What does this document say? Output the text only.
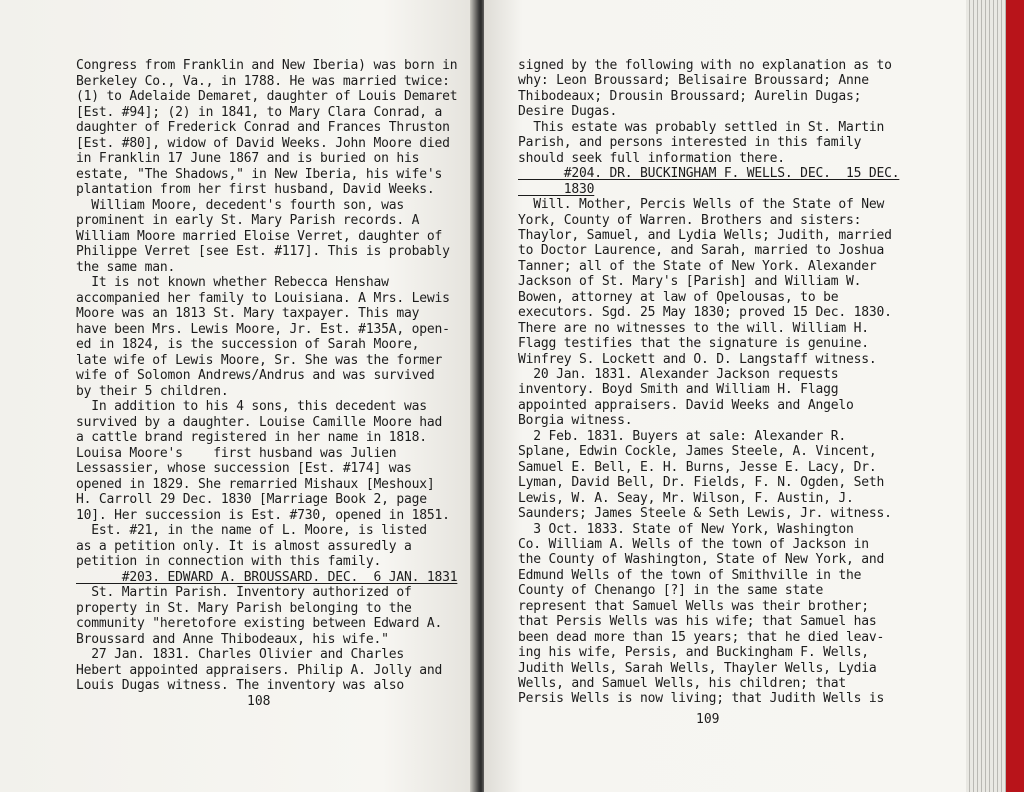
Congress from Franklin and New Iberia) was born in
Berkeley Co., Va., in 1788. He was married twice:
(1) to Adelaide Demaret, daughter of Louis Demaret
[Est. #94]; (2) in 1841, to Mary Clara Conrad, a
daughter of Frederick Conrad and Frances Thruston
[Est. #80], widow of David Weeks. John Moore died
in Franklin 17 June 1867 and is buried on his
estate, "The Shadows," in New Iberia, his wife's
plantation from her first husband, David Weeks.
William Moore, decedent's fourth son, was
prominent in early St. Mary Parish records. A
William Moore married Eloise Verret, daughter of
Philippe Verret [see Est. #117]. This is probably
the same man.
It is not known whether Rebecca Henshaw
accompanied her family to Louisiana. A Mrs. Lewis
Moore was an 1813 St. Mary taxpayer. This may
have been Mrs. Lewis Moore, Jr. Est. #135A, open-
ed in 1824, is the succession of Sarah Moore,
late wife of Lewis Moore, Sr. She was the former
wife of Solomon Andrews/Andrus and was survived
by their 5 children.
In addition to his 4 sons, this decedent was
survived by a daughter. Louise Camille Moore had
a cattle brand registered in her name in 1818.
Louisa Moore's    first husband was Julien
Lessassier, whose succession [Est. #174] was
opened in 1829. She remarried Mishaux [Meshoux]
H. Carroll 29 Dec. 1830 [Marriage Book 2, page
10]. Her succession is Est. #730, opened in 1851.
Est. #21, in the name of L. Moore, is listed
as a petition only. It is almost assuredly a
petition in connection with this family.
#203. EDWARD A. BROUSSARD. DEC.  6 JAN. 1831
St. Martin Parish. Inventory authorized of
property in St. Mary Parish belonging to the
community "heretofore existing between Edward A.
Broussard and Anne Thibodeaux, his wife."
27 Jan. 1831. Charles Olivier and Charles
Hebert appointed appraisers. Philip A. Jolly and
Louis Dugas witness. The inventory was also
108
signed by the following with no explanation as to
why: Leon Broussard; Belisaire Broussard; Anne
Thibodeaux; Drousin Broussard; Aurelin Dugas;
Desire Dugas.
This estate was probably settled in St. Martin
Parish, and persons interested in this family
should seek full information there.
#204. DR. BUCKINGHAM F. WELLS. DEC.  15 DEC.
1830
Will. Mother, Percis Wells of the State of New
York, County of Warren. Brothers and sisters:
Thaylor, Samuel, and Lydia Wells; Judith, married
to Doctor Laurence, and Sarah, married to Joshua
Tanner; all of the State of New York. Alexander
Jackson of St. Mary's [Parish] and William W.
Bowen, attorney at law of Opelousas, to be
executors. Sgd. 25 May 1830; proved 15 Dec. 1830.
There are no witnesses to the will. William H.
Flagg testifies that the signature is genuine.
Winfrey S. Lockett and O. D. Langstaff witness.
20 Jan. 1831. Alexander Jackson requests
inventory. Boyd Smith and William H. Flagg
appointed appraisers. David Weeks and Angelo
Borgia witness.
2 Feb. 1831. Buyers at sale: Alexander R.
Splane, Edwin Cockle, James Steele, A. Vincent,
Samuel E. Bell, E. H. Burns, Jesse E. Lacy, Dr.
Lyman, David Bell, Dr. Fields, F. N. Ogden, Seth
Lewis, W. A. Seay, Mr. Wilson, F. Austin, J.
Saunders; James Steele & Seth Lewis, Jr. witness.
3 Oct. 1833. State of New York, Washington
Co. William A. Wells of the town of Jackson in
the County of Washington, State of New York, and
Edmund Wells of the town of Smithville in the
County of Chenango [?] in the same state
represent that Samuel Wells was their brother;
that Persis Wells was his wife; that Samuel has
been dead more than 15 years; that he died leav-
ing his wife, Persis, and Buckingham F. Wells,
Judith Wells, Sarah Wells, Thayler Wells, Lydia
Wells, and Samuel Wells, his children; that
Persis Wells is now living; that Judith Wells is
109
